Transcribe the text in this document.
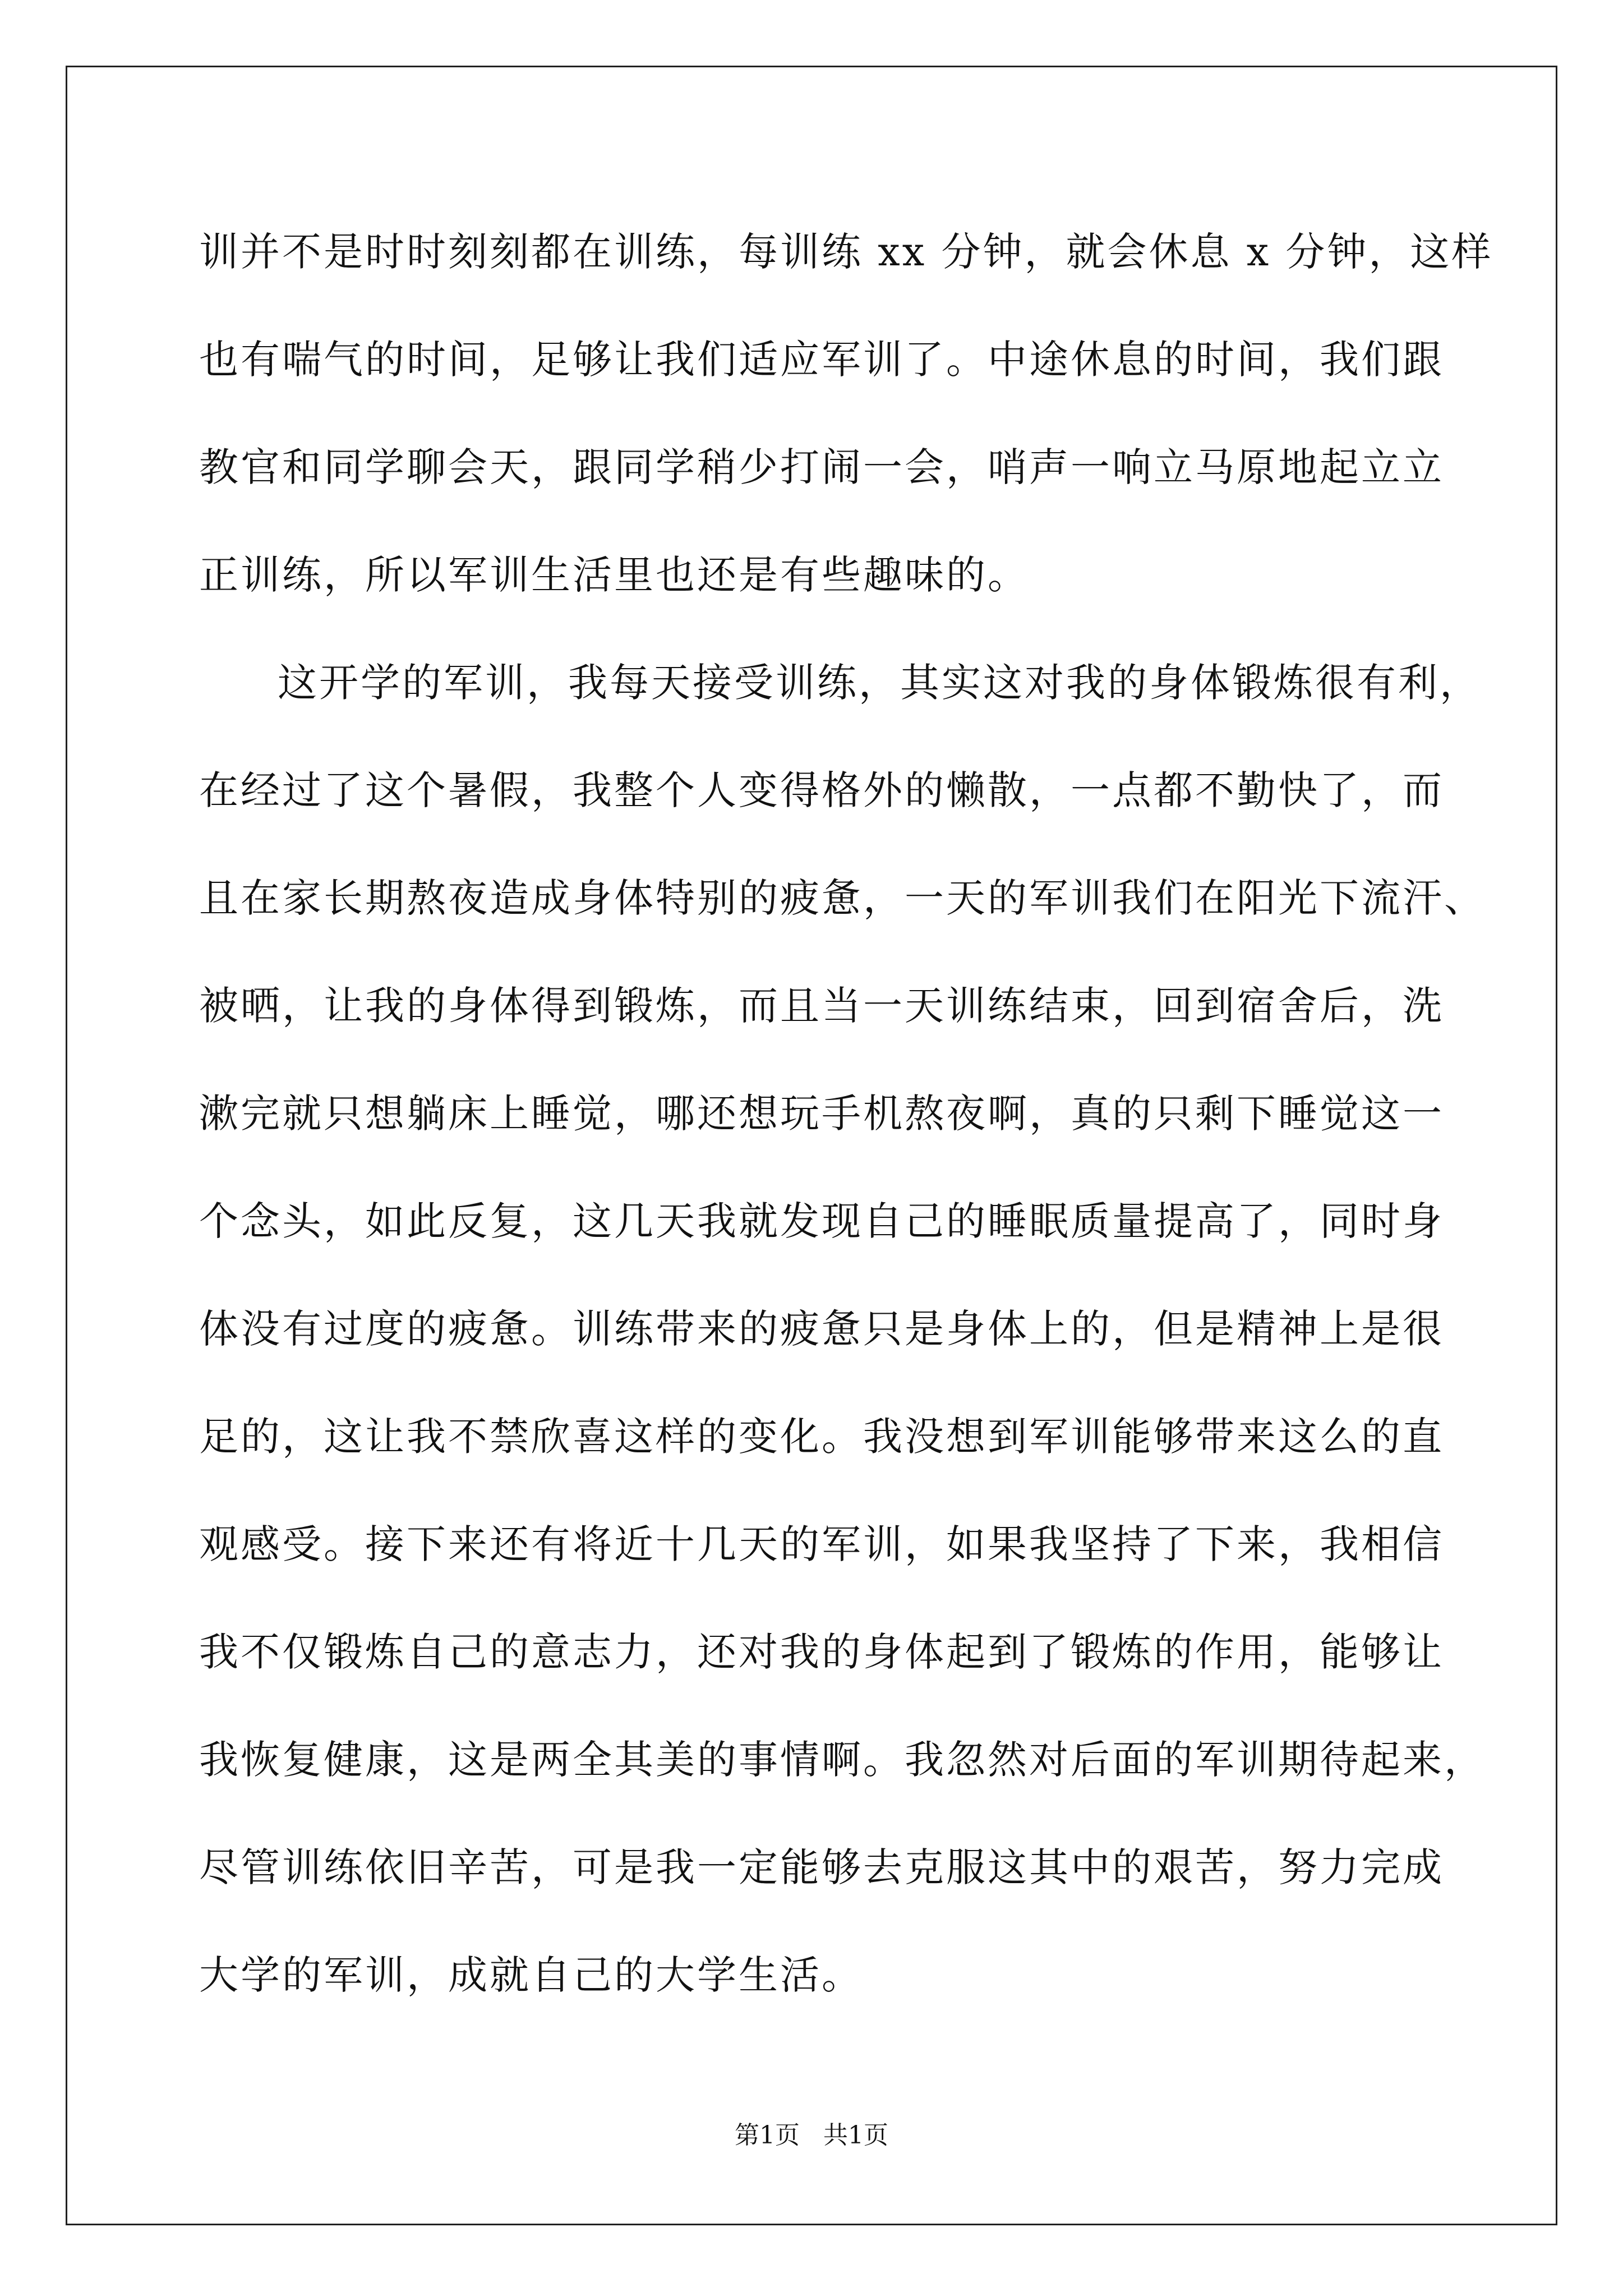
训并不是时时刻刻都在训练，每训练 xx 分钟，就会休息 x 分钟，这样
也有喘气的时间，足够让我们适应军训了。中途休息的时间，我们跟
教官和同学聊会天，跟同学稍少打闹一会，哨声一响立马原地起立立
正训练，所以军训生活里也还是有些趣味的。
这开学的军训，我每天接受训练，其实这对我的身体锻炼很有利，
在经过了这个暑假，我整个人变得格外的懒散，一点都不勤快了，而
且在家长期熬夜造成身体特别的疲惫，一天的军训我们在阳光下流汗、
被晒，让我的身体得到锻炼，而且当一天训练结束，回到宿舍后，洗
漱完就只想躺床上睡觉，哪还想玩手机熬夜啊，真的只剩下睡觉这一
个念头，如此反复，这几天我就发现自己的睡眠质量提高了，同时身
体没有过度的疲惫。训练带来的疲惫只是身体上的，但是精神上是很
足的，这让我不禁欣喜这样的变化。我没想到军训能够带来这么的直
观感受。接下来还有将近十几天的军训，如果我坚持了下来，我相信
我不仅锻炼自己的意志力，还对我的身体起到了锻炼的作用，能够让
我恢复健康，这是两全其美的事情啊。我忽然对后面的军训期待起来，
尽管训练依旧辛苦，可是我一定能够去克服这其中的艰苦，努力完成
大学的军训，成就自己的大学生活。
第1页   共1页
